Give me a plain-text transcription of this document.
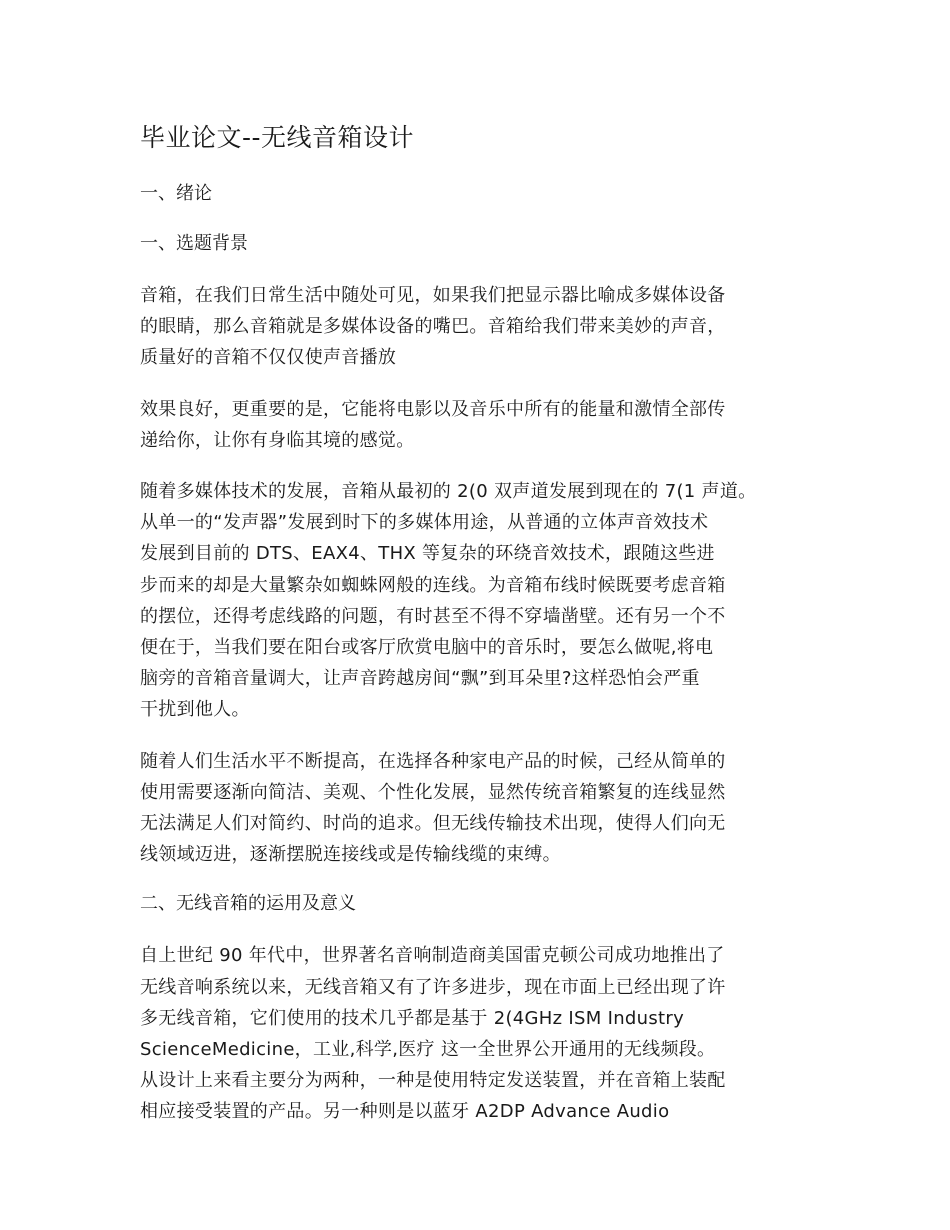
毕业论文--无线音箱设计
一、绪论
一、选题背景
音箱，在我们日常生活中随处可见，如果我们把显示器比喻成多媒体设备
的眼睛，那么音箱就是多媒体设备的嘴巴。音箱给我们带来美妙的声音，
质量好的音箱不仅仅使声音播放
效果良好，更重要的是，它能将电影以及音乐中所有的能量和激情全部传
递给你，让你有身临其境的感觉。
随着多媒体技术的发展，音箱从最初的 2(0 双声道发展到现在的 7(1 声道。
从单一的“发声器”发展到时下的多媒体用途，从普通的立体声音效技术
发展到目前的 DTS、EAX4、THX 等复杂的环绕音效技术，跟随这些进
步而来的却是大量繁杂如蜘蛛网般的连线。为音箱布线时候既要考虑音箱
的摆位，还得考虑线路的问题，有时甚至不得不穿墙凿壁。还有另一个不
便在于，当我们要在阳台或客厅欣赏电脑中的音乐时，要怎么做呢,将电
脑旁的音箱音量调大，让声音跨越房间“飘”到耳朵里?这样恐怕会严重
干扰到他人。
随着人们生活水平不断提高，在选择各种家电产品的时候，己经从简单的
使用需要逐渐向简洁、美观、个性化发展，显然传统音箱繁复的连线显然
无法满足人们对简约、时尚的追求。但无线传输技术出现，使得人们向无
线领域迈进，逐渐摆脱连接线或是传输线缆的束缚。
二、无线音箱的运用及意义
自上世纪 90 年代中，世界著名音响制造商美国雷克顿公司成功地推出了
无线音响系统以来，无线音箱又有了许多进步，现在市面上已经出现了许
多无线音箱，它们使用的技术几乎都是基于 2(4GHz ISM Industry
ScienceMedicine，工业,科学,医疗 这一全世界公开通用的无线频段。
从设计上来看主要分为两种，一种是使用特定发送装置，并在音箱上装配
相应接受装置的产品。另一种则是以蓝牙 A2DP Advance Audio
